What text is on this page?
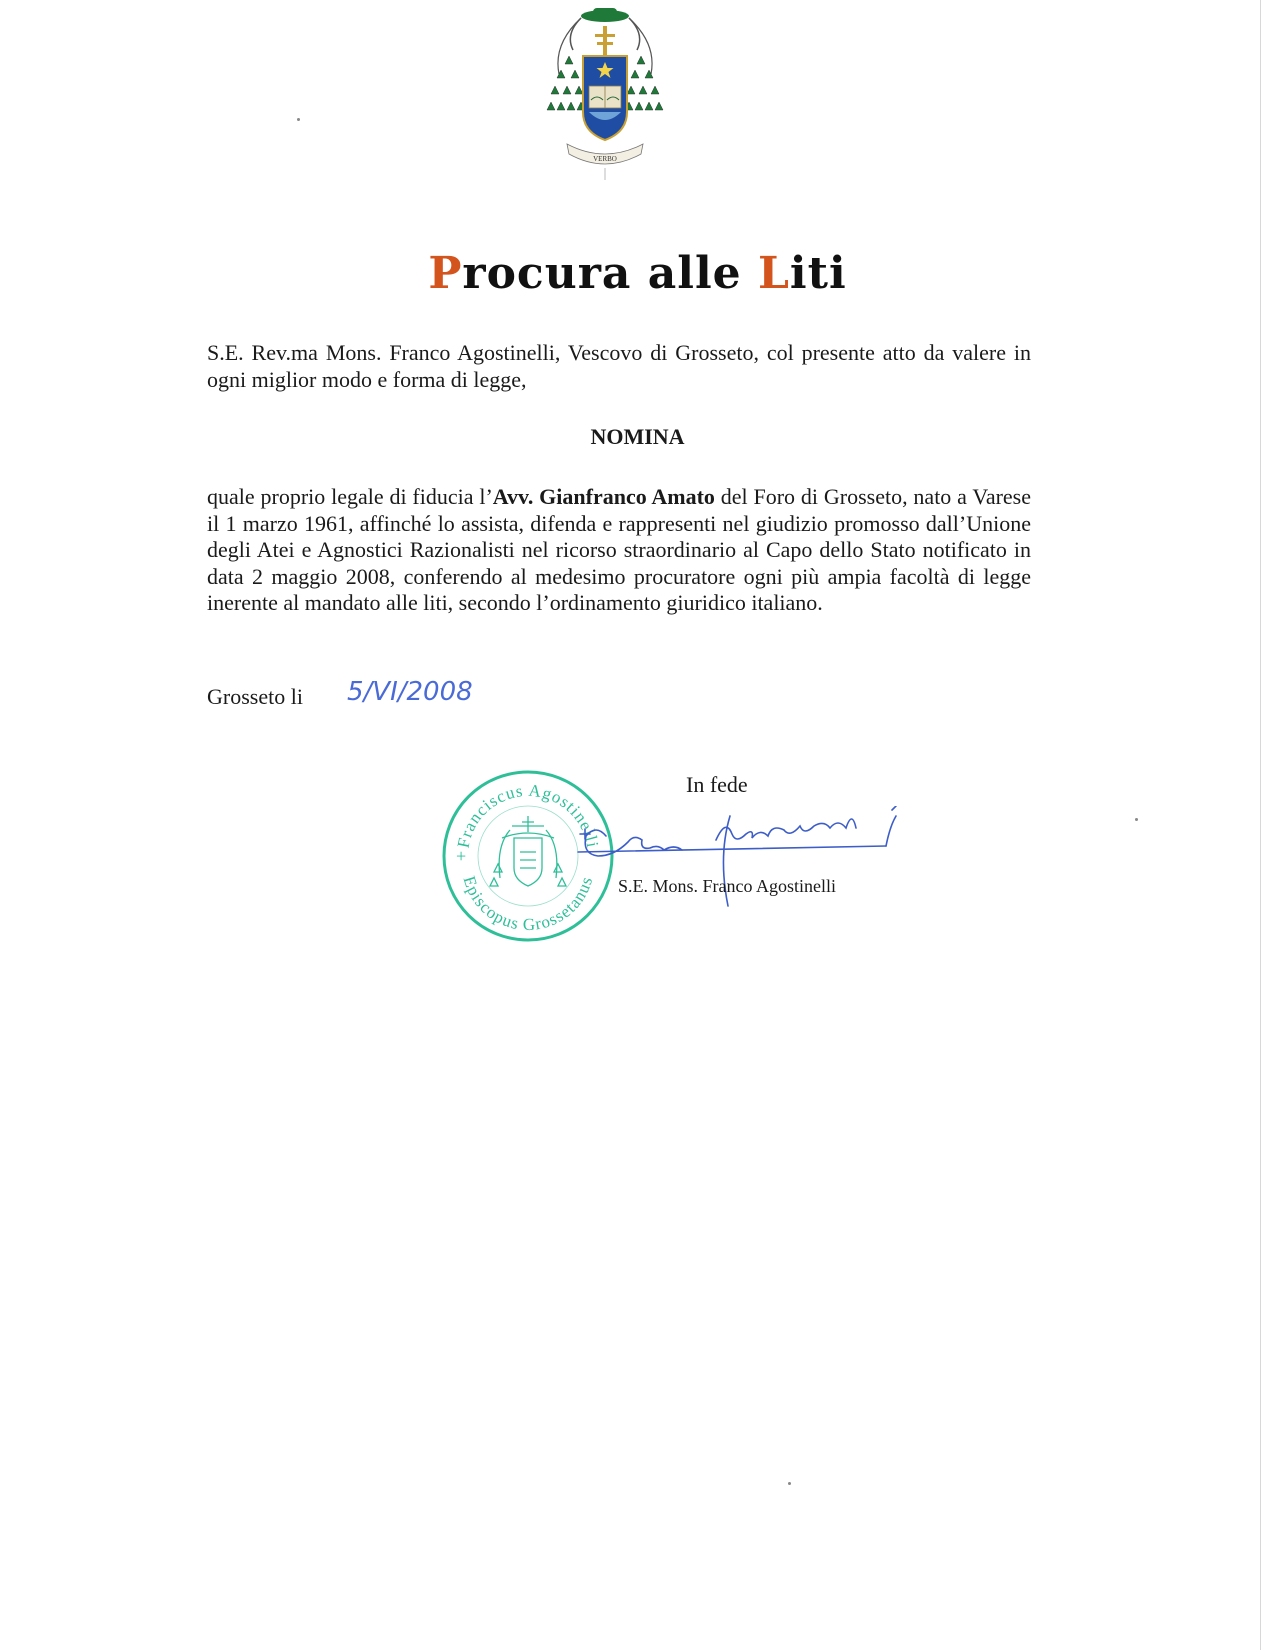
VERBO
Procura alle Liti
S.E. Rev.ma Mons. Franco Agostinelli, Vescovo di Grosseto, col presente atto da valere in ogni miglior modo e forma di legge,
NOMINA
quale proprio legale di fiducia l’Avv. Gianfranco Amato del Foro di Grosseto, nato a Varese il 1 marzo 1961, affinché lo assista, difenda e rappresenti nel giudizio promosso dall’Unione degli Atei e Agnostici Razionalisti nel ricorso straordinario al Capo dello Stato notificato in data 2 maggio 2008, conferendo al medesimo procuratore ogni più ampia facoltà di legge inerente al mandato alle liti, secondo l’ordinamento giuridico italiano.
Grosseto li 5/VI/2008
In fede
Franciscus Agostinelli
Episcopus Grossetanus
+
S.E. Mons. Franco Agostinelli
